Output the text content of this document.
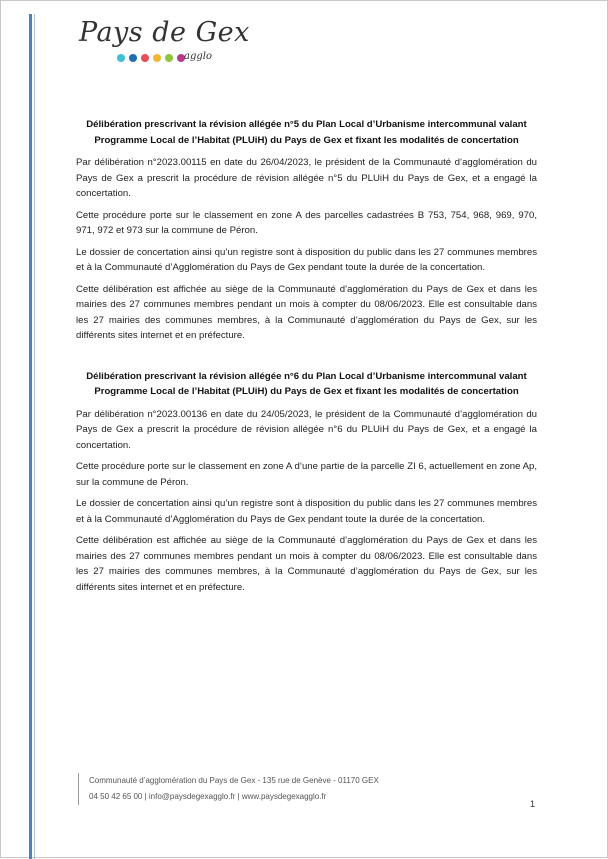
Pays de Gex
agglo

Délibération prescrivant la révision allégée n°5 du Plan Local d’Urbanisme intercommunal valant Programme Local de l’Habitat (PLUiH) du Pays de Gex et fixant les modalités de concertation

Par délibération n°2023.00115 en date du 26/04/2023, le président de la Communauté d’agglomération du Pays de Gex a prescrit la procédure de révision allégée n°5 du PLUiH du Pays de Gex, et a engagé la concertation.

Cette procédure porte sur le classement en zone A des parcelles cadastrées B 753, 754, 968, 969, 970, 971, 972 et 973 sur la commune de Péron.

Le dossier de concertation ainsi qu’un registre sont à disposition du public dans les 27 communes membres et à la Communauté d’Agglomération du Pays de Gex pendant toute la durée de la concertation.

Cette délibération est affichée au siège de la Communauté d’agglomération du Pays de Gex et dans les mairies des 27 communes membres pendant un mois à compter du 08/06/2023. Elle est consultable dans les 27 mairies des communes membres, à la Communauté d’agglomération du Pays de Gex, sur les différents sites internet et en préfecture.

Délibération prescrivant la révision allégée n°6 du Plan Local d’Urbanisme intercommunal valant Programme Local de l’Habitat (PLUiH) du Pays de Gex et fixant les modalités de concertation

Par délibération n°2023.00136 en date du 24/05/2023, le président de la Communauté d’agglomération du Pays de Gex a prescrit la procédure de révision allégée n°6 du PLUiH du Pays de Gex, et a engagé la concertation.

Cette procédure porte sur le classement en zone A d’une partie de la parcelle ZI 6, actuellement en zone Ap, sur la commune de Péron.

Le dossier de concertation ainsi qu’un registre sont à disposition du public dans les 27 communes membres et à la Communauté d’Agglomération du Pays de Gex pendant toute la durée de la concertation.

Cette délibération est affichée au siège de la Communauté d’agglomération du Pays de Gex et dans les mairies des 27 communes membres pendant un mois à compter du 08/06/2023. Elle est consultable dans les 27 mairies des communes membres, à la Communauté d’agglomération du Pays de Gex, sur les différents sites internet et en préfecture.

Communauté d’agglomération du Pays de Gex - 135 rue de Genève - 01170 GEX
04 50 42 65 00 | info@paysdegexagglo.fr | www.paysdegexagglo.fr
1
